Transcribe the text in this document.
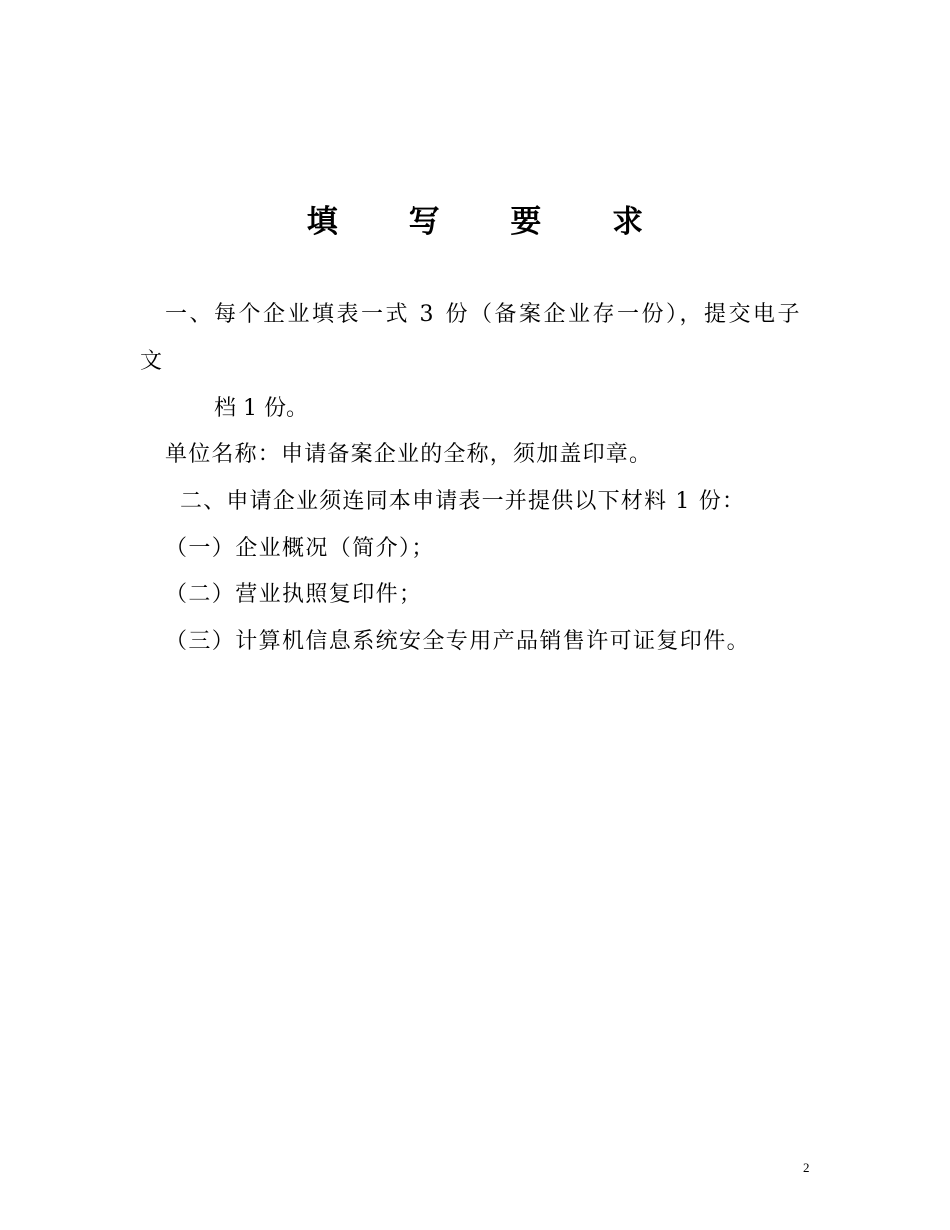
填 写 要 求
一、每个企业填表一式 3 份（备案企业存一份），提交电子
文
档 1 份。
单位名称：申请备案企业的全称，须加盖印章。
二、申请企业须连同本申请表一并提供以下材料 1 份：
（一）企业概况（简介）；
（二）营业执照复印件；
（三）计算机信息系统安全专用产品销售许可证复印件。
2
